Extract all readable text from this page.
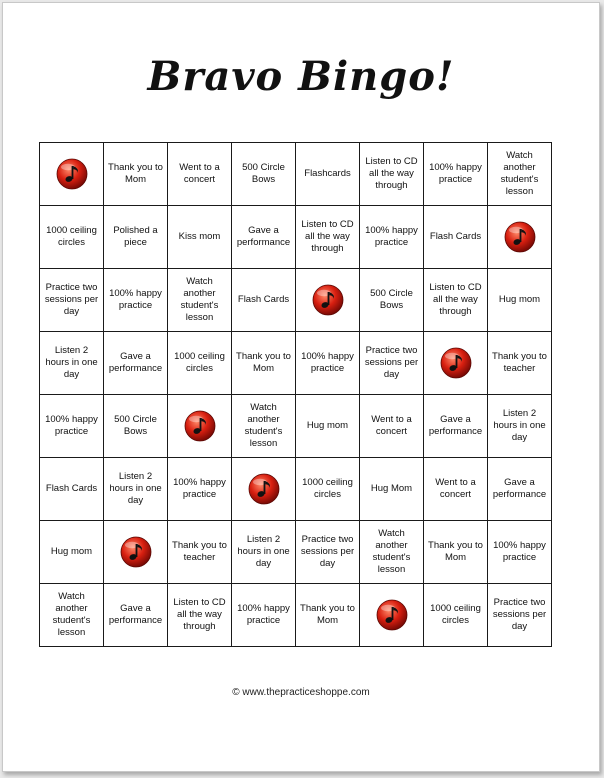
Bravo Bingo!
	Thank you to Mom	Went to a concert	500 Circle Bows	Flashcards	Listen to CD all the way through	100% happy practice	Watch another student's lesson
1000 ceiling circles	Polished a piece	Kiss mom	Gave a performance	Listen to CD all the way through	100% happy practice	Flash Cards	
Practice two sessions per day	100% happy practice	Watch another student's lesson	Flash Cards		500 Circle Bows	Listen to CD all the way through	Hug mom
Listen 2 hours in one day	Gave a performance	1000 ceiling circles	Thank you to Mom	100% happy practice	Practice two sessions per day		Thank you to teacher
100% happy practice	500 Circle Bows		Watch another student's lesson	Hug mom	Went to a concert	Gave a performance	Listen 2 hours in one day
Flash Cards	Listen 2 hours in one day	100% happy practice		1000 ceiling circles	Hug Mom	Went to a concert	Gave a performance
Hug mom		Thank you to teacher	Listen 2 hours in one day	Practice two sessions per day	Watch another student's lesson	Thank you to Mom	100% happy practice
Watch another student's lesson	Gave a performance	Listen to CD all the way through	100% happy practice	Thank you to Mom		1000 ceiling circles	Practice two sessions per day
© www.thepracticeshoppe.com
